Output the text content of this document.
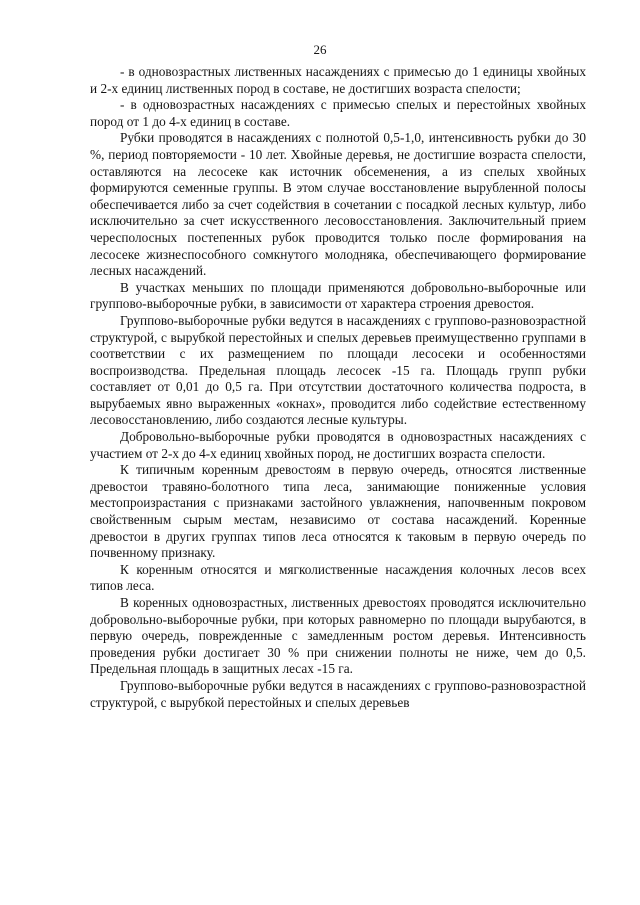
26

- в одновозрастных лиственных насаждениях с примесью до 1 единицы хвойных и 2-х единиц лиственных пород в составе, не достигших возраста спелости;

- в одновозрастных насаждениях с примесью спелых и перестойных хвойных пород от 1 до 4-х единиц в составе.

Рубки проводятся в насаждениях с полнотой 0,5-1,0, интенсивность рубки до 30 %, период повторяемости - 10 лет. Хвойные деревья, не достигшие возраста спелости, оставляются на лесосеке как источник обсеменения, а из спелых хвойных формируются семенные группы. В этом случае восстановление вырубленной полосы обеспечивается либо за счет содействия в сочетании с посадкой лесных культур, либо исключительно за счет искусственного лесовосстановления. Заключительный прием чересполосных постепенных рубок проводится только после формирования на лесосеке жизнеспособного сомкнутого молодняка, обеспечивающего формирование лесных насаждений.

В участках меньших по площади применяются добровольно-выборочные или группово-выборочные рубки, в зависимости от характера строения древостоя.

Группово-выборочные рубки ведутся в насаждениях с группово-разновозрастной структурой, с вырубкой перестойных и спелых деревьев преимущественно группами в соответствии с их размещением по площади лесосеки и особенностями воспроизводства. Предельная площадь лесосек -15 га. Площадь групп рубки составляет от 0,01 до 0,5 га. При отсутствии достаточного количества подроста, в вырубаемых явно выраженных «окнах», проводится либо содействие естественному лесовосстановлению, либо создаются лесные культуры.

Добровольно-выборочные рубки проводятся в одновозрастных насаждениях с участием от 2-х до 4-х единиц хвойных пород, не достигших возраста спелости.

К типичным коренным древостоям в первую очередь, относятся лиственные древостои травяно-болотного типа леса, занимающие пониженные условия местопроизрастания с признаками застойного увлажнения, напочвенным покровом свойственным сырым местам, независимо от состава насаждений. Коренные древостои в других группах типов леса относятся к таковым в первую очередь по почвенному признаку.

К коренным относятся и мягколиственные насаждения колочных лесов всех типов леса.

В коренных одновозрастных, лиственных древостоях проводятся исключительно добровольно-выборочные рубки, при которых равномерно по площади вырубаются, в первую очередь, поврежденные с замедленным ростом деревья. Интенсивность проведения рубки достигает 30 % при снижении полноты не ниже, чем до 0,5. Предельная площадь в защитных лесах -15 га.

Группово-выборочные рубки ведутся в насаждениях с группово-разновозрастной структурой, с вырубкой перестойных и спелых деревьев
